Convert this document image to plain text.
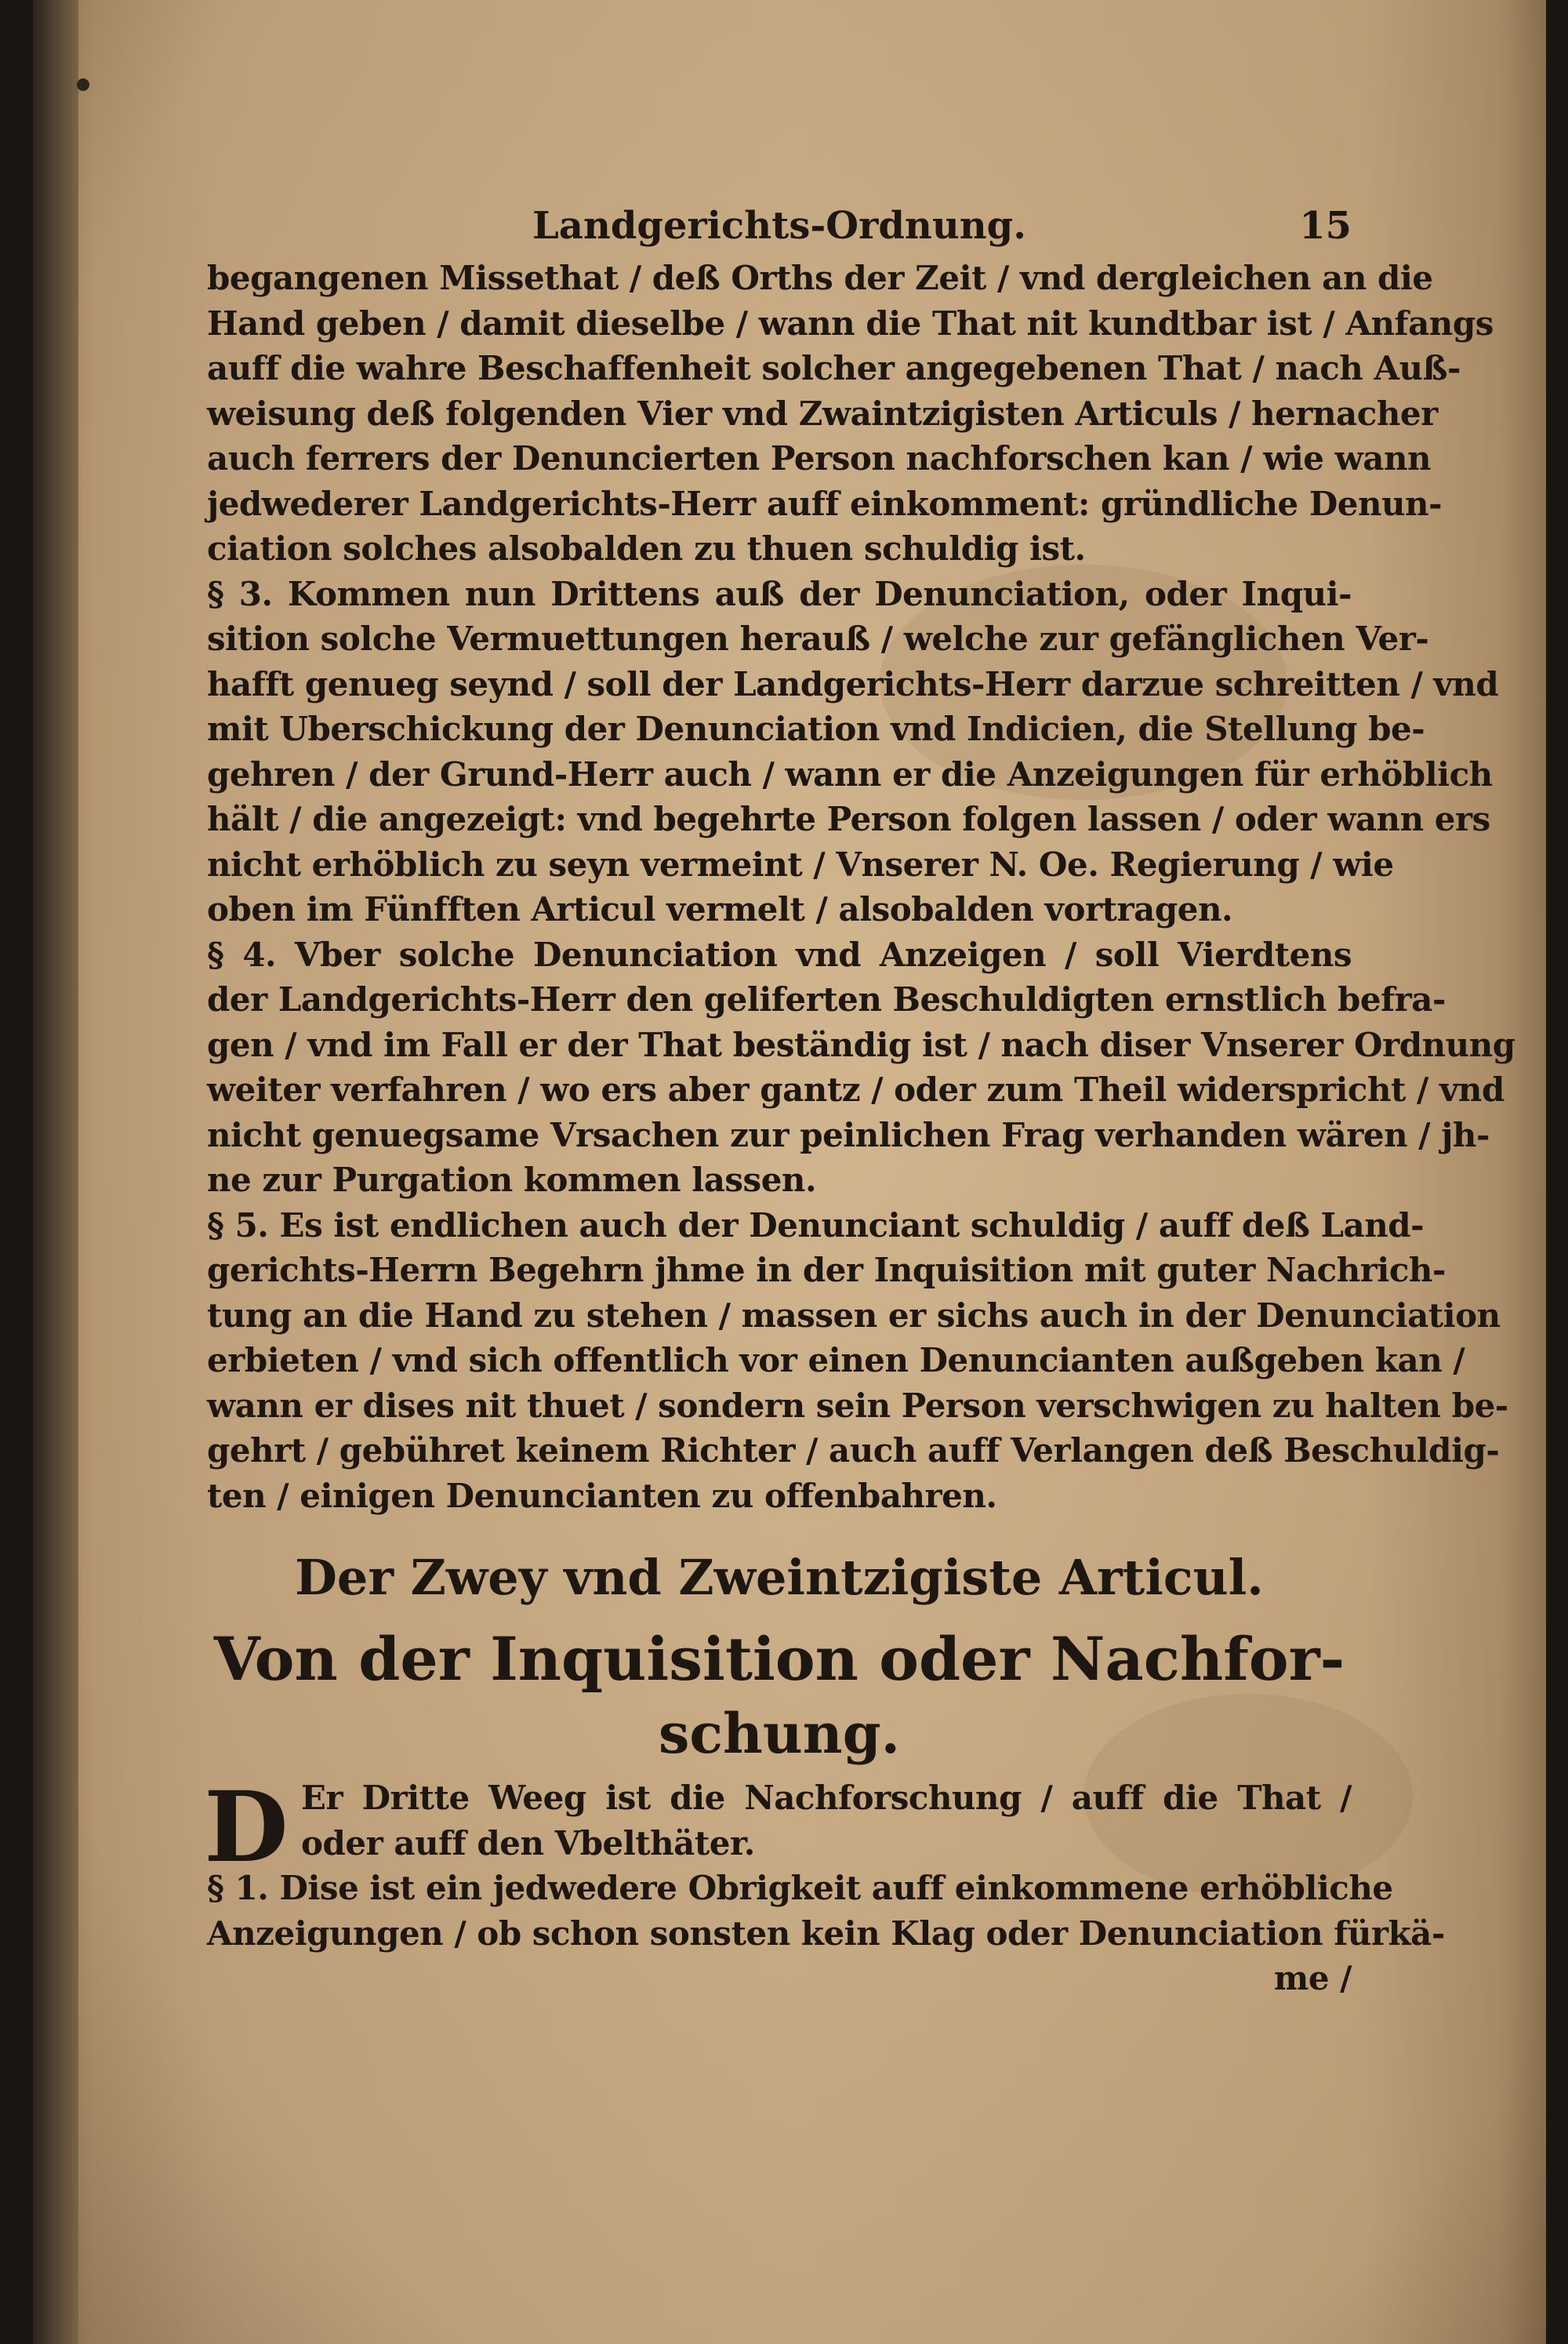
Landgerichts-Ordnung.	15
begangenen Missethat / deß Orths der Zeit / vnd dergleichen an die
Hand geben / damit dieselbe / wann die That nit kundtbar ist / Anfangs
auff die wahre Beschaffenheit solcher angegebenen That / nach Auß-
weisung deß folgenden Vier vnd Zwaintzigisten Articuls / hernacher
auch ferrers der Denuncierten Person nachforschen kan / wie wann
jedwederer Landgerichts-Herr auff einkomment: gründliche Denun-
ciation solches alsobalden zu thuen schuldig ist.
§ 3. Kommen nun Drittens auß der Denunciation, oder Inqui-
sition solche Vermuettungen herauß / welche zur gefänglichen Ver-
hafft genueg seynd / soll der Landgerichts-Herr darzue schreitten / vnd
mit Uberschickung der Denunciation vnd Indicien, die Stellung be-
gehren / der Grund-Herr auch / wann er die Anzeigungen für erhöblich
hält / die angezeigt: vnd begehrte Person folgen lassen / oder wann ers
nicht erhöblich zu seyn vermeint / Vnserer N. Oe. Regierung / wie
oben im Fünfften Articul vermelt / alsobalden vortragen.
§ 4. Vber solche Denunciation vnd Anzeigen / soll Vierdtens
der Landgerichts-Herr den geliferten Beschuldigten ernstlich befra-
gen / vnd im Fall er der That beständig ist / nach diser Vnserer Ordnung
weiter verfahren / wo ers aber gantz / oder zum Theil widerspricht / vnd
nicht genuegsame Vrsachen zur peinlichen Frag verhanden wären / jh-
ne zur Purgation kommen lassen.
§ 5. Es ist endlichen auch der Denunciant schuldig / auff deß Land-
gerichts-Herrn Begehrn jhme in der Inquisition mit guter Nachrich-
tung an die Hand zu stehen / massen er sichs auch in der Denunciation
erbieten / vnd sich offentlich vor einen Denuncianten außgeben kan /
wann er dises nit thuet / sondern sein Person verschwigen zu halten be-
gehrt / gebühret keinem Richter / auch auff Verlangen deß Beschuldig-
ten / einigen Denuncianten zu offenbahren.
Der Zwey vnd Zweintzigiste Articul.
Von der Inquisition oder Nachfor-
schung.
D Er Dritte Weeg ist die Nachforschung / auff die That /
oder auff den Vbelthäter.
§ 1. Dise ist ein jedwedere Obrigkeit auff einkommene erhöbliche
Anzeigungen / ob schon sonsten kein Klag oder Denunciation fürkä-
me /
